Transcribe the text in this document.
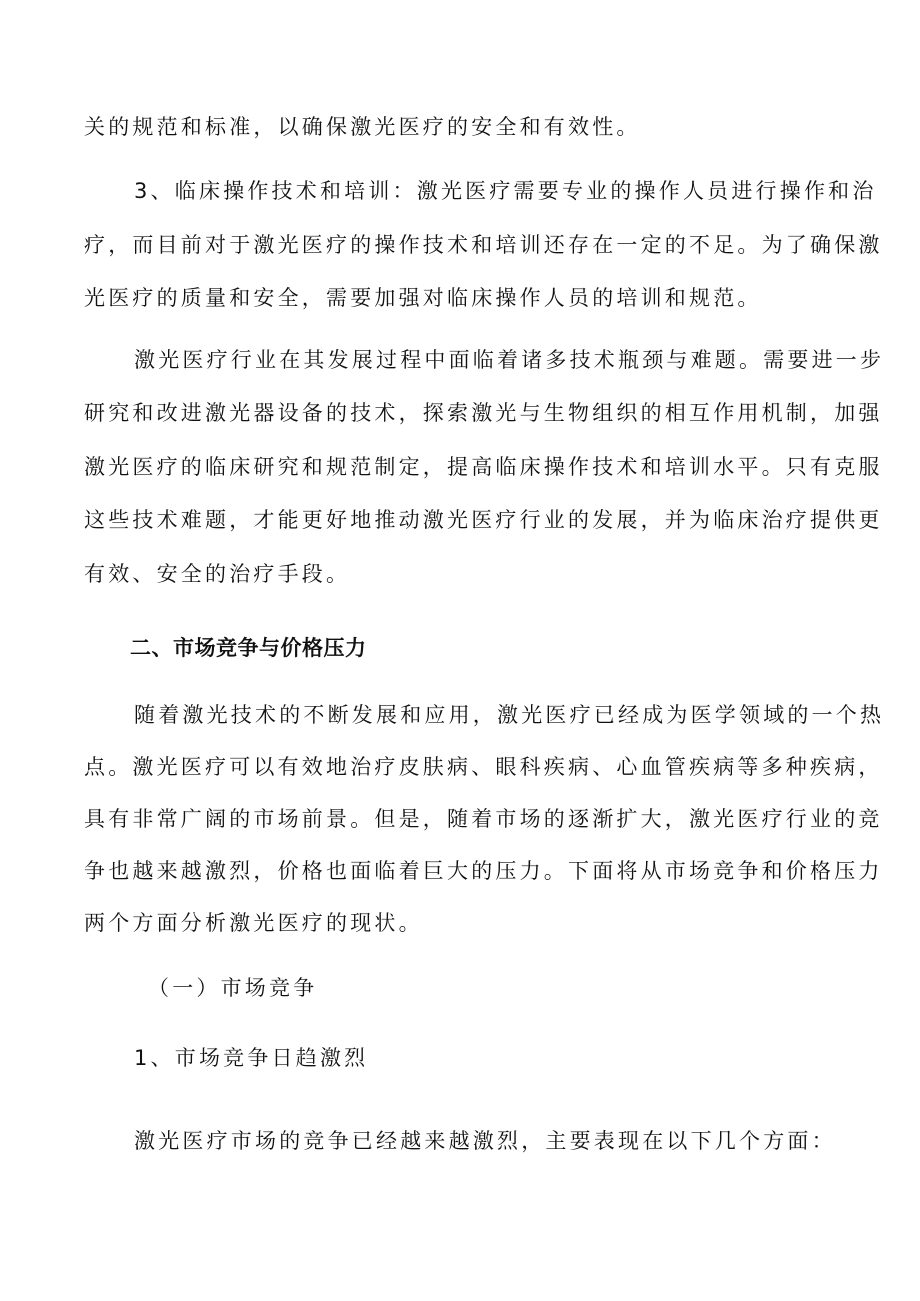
关的规范和标准，以确保激光医疗的安全和有效性。
3、临床操作技术和培训：激光医疗需要专业的操作人员进行操作和治
疗，而目前对于激光医疗的操作技术和培训还存在一定的不足。为了确保激
光医疗的质量和安全，需要加强对临床操作人员的培训和规范。
激光医疗行业在其发展过程中面临着诸多技术瓶颈与难题。需要进一步
研究和改进激光器设备的技术，探索激光与生物组织的相互作用机制，加强
激光医疗的临床研究和规范制定，提高临床操作技术和培训水平。只有克服
这些技术难题，才能更好地推动激光医疗行业的发展，并为临床治疗提供更
有效、安全的治疗手段。
二、市场竞争与价格压力
随着激光技术的不断发展和应用，激光医疗已经成为医学领域的一个热
点。激光医疗可以有效地治疗皮肤病、眼科疾病、心血管疾病等多种疾病，
具有非常广阔的市场前景。但是，随着市场的逐渐扩大，激光医疗行业的竞
争也越来越激烈，价格也面临着巨大的压力。下面将从市场竞争和价格压力
两个方面分析激光医疗的现状。
（一）市场竞争
1、市场竞争日趋激烈
激光医疗市场的竞争已经越来越激烈，主要表现在以下几个方面：
